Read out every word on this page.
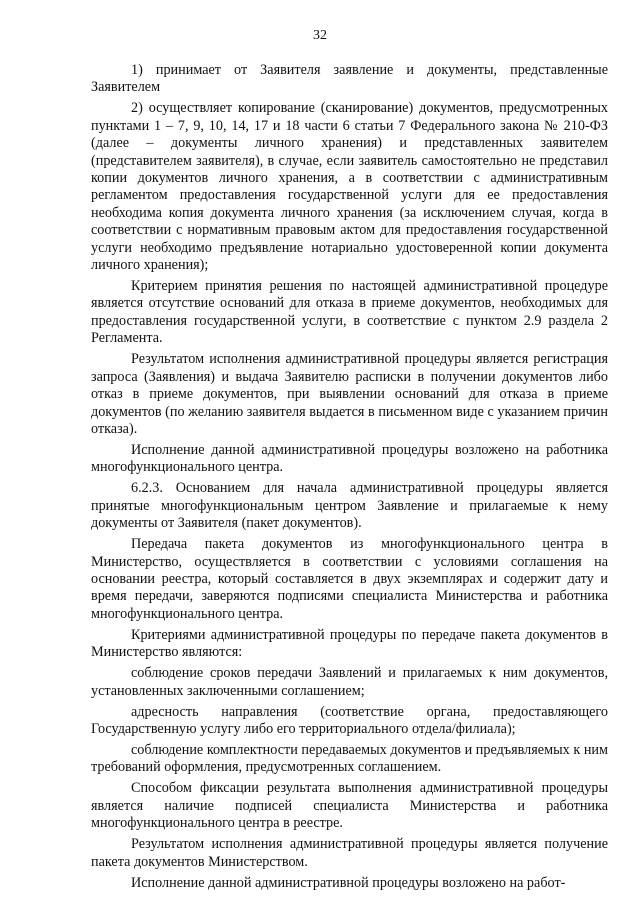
32

1) принимает от Заявителя заявление и документы, представленные Заявителем

2) осуществляет копирование (сканирование) документов, предусмотренных пунктами 1 – 7, 9, 10, 14, 17 и 18 части 6 статьи 7 Федерального закона № 210-ФЗ (далее – документы личного хранения) и представленных заявителем (представителем заявителя), в случае, если заявитель самостоятельно не представил копии документов личного хранения, а в соответствии с административным регламентом предоставления государственной услуги для ее предоставления необходима копия документа личного хранения (за исключением случая, когда в соответствии с нормативным правовым актом для предоставления государственной услуги необходимо предъявление нотариально удостоверенной копии документа личного хранения);

Критерием принятия решения по настоящей административной процедуре является отсутствие оснований для отказа в приеме документов, необходимых для предоставления государственной услуги, в соответствие с пунктом 2.9 раздела 2 Регламента.

Результатом исполнения административной процедуры является регистрация запроса (Заявления) и выдача Заявителю расписки в получении документов либо отказ в приеме документов, при выявлении оснований для отказа в приеме документов (по желанию заявителя выдается в письменном виде с указанием причин отказа).

Исполнение данной административной процедуры возложено на работника многофункционального центра.

6.2.3. Основанием для начала административной процедуры является принятые многофункциональным центром Заявление и прилагаемые к нему документы от Заявителя (пакет документов).

Передача пакета документов из многофункционального центра в Министерство, осуществляется в соответствии с условиями соглашения на основании реестра, который составляется в двух экземплярах и содержит дату и время передачи, заверяются подписями специалиста Министерства и работника многофункционального центра.

Критериями административной процедуры по передаче пакета документов в Министерство являются:

соблюдение сроков передачи Заявлений и прилагаемых к ним документов, установленных заключенными соглашением;

адресность направления (соответствие органа, предоставляющего Государственную услугу либо его территориального отдела/филиала);

соблюдение комплектности передаваемых документов и предъявляемых к ним требований оформления, предусмотренных соглашением.

Способом фиксации результата выполнения административной процедуры является наличие подписей специалиста Министерства и работника многофункционального центра в реестре.

Результатом исполнения административной процедуры является получение пакета документов Министерством.

Исполнение данной административной процедуры возложено на работ-
